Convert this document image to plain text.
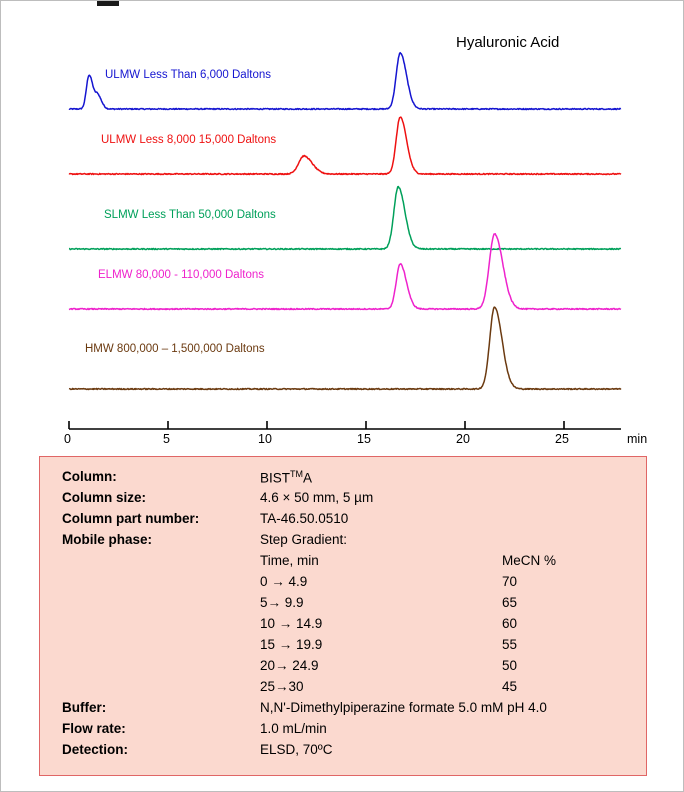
Hyaluronic Acid
0	5	10	15	20	25	min
ULMW Less Than 6,000 Daltons
ULMW Less 8,000 15,000 Daltons
SLMW Less Than 50,000 Daltons
ELMW 80,000 - 110,000 Daltons
HMW 800,000 – 1,500,000 Daltons
Column:	BIST™A
Column size:	4.6 × 50 mm, 5 µm
Column part number:	TA-46.50.0510
Mobile phase:	Step Gradient:
Time, min	MeCN %
0 → 4.9	70
5→ 9.9	65
10 → 14.9	60
15 → 19.9	55
20→ 24.9	50
25→30	45
Buffer:	N,N'-Dimethylpiperazine formate 5.0 mM pH 4.0
Flow rate:	1.0 mL/min
Detection:	ELSD, 70ºC
